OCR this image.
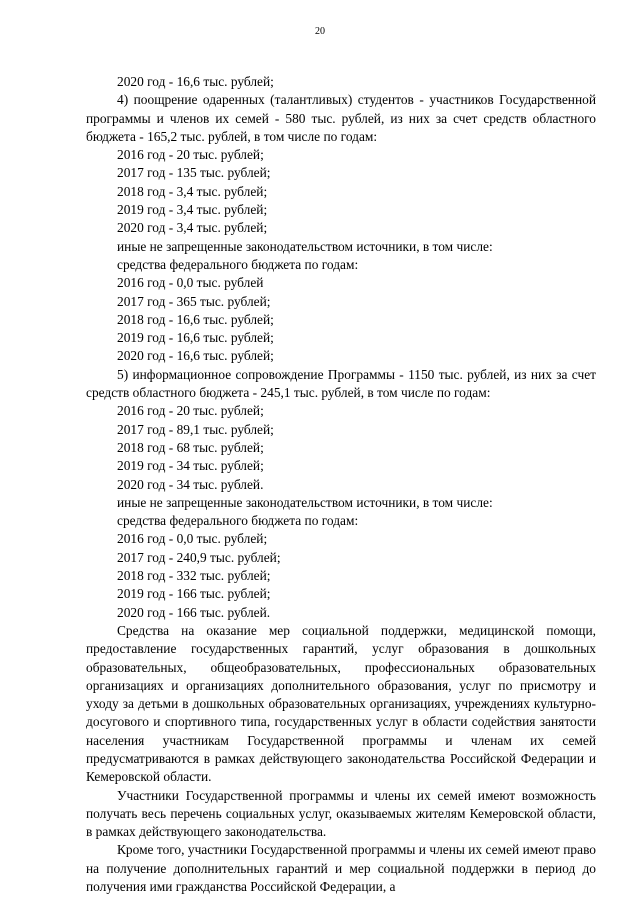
20

2020 год - 16,6 тыс. рублей;

4) поощрение одаренных (талантливых) студентов - участников Государственной программы и членов их семей - 580 тыс. рублей, из них за счет средств областного бюджета - 165,2 тыс. рублей, в том числе по годам:

2016 год - 20 тыс. рублей;

2017 год - 135 тыс. рублей;

2018 год - 3,4 тыс. рублей;

2019 год - 3,4 тыс. рублей;

2020 год - 3,4 тыс. рублей;

иные не запрещенные законодательством источники, в том числе:

средства федерального бюджета по годам:

2016 год - 0,0 тыс. рублей

2017 год - 365 тыс. рублей;

2018 год - 16,6 тыс. рублей;

2019 год - 16,6 тыс. рублей;

2020 год - 16,6 тыс. рублей;

5) информационное сопровождение Программы - 1150 тыс. рублей, из них за счет средств областного бюджета - 245,1 тыс. рублей, в том числе по годам:

2016 год - 20 тыс. рублей;

2017 год - 89,1 тыс. рублей;

2018 год - 68 тыс. рублей;

2019 год - 34 тыс. рублей;

2020 год - 34 тыс. рублей.

иные не запрещенные законодательством источники, в том числе:

средства федерального бюджета по годам:

2016 год - 0,0 тыс. рублей;

2017 год - 240,9 тыс. рублей;

2018 год - 332 тыс. рублей;

2019 год - 166 тыс. рублей;

2020 год - 166 тыс. рублей.

Средства на оказание мер социальной поддержки, медицинской помощи, предоставление государственных гарантий, услуг образования в дошкольных образовательных, общеобразовательных, профессиональных образовательных организациях и организациях дополнительного образования, услуг по присмотру и уходу за детьми в дошкольных образовательных организациях, учреждениях культурно-досугового и спортивного типа, государственных услуг в области содействия занятости населения участникам Государственной программы и членам их семей предусматриваются в рамках действующего законодательства Российской Федерации и Кемеровской области.

Участники Государственной программы и члены их семей имеют возможность получать весь перечень социальных услуг, оказываемых жителям Кемеровской области, в рамках действующего законодательства.

Кроме того, участники Государственной программы и члены их семей имеют право на получение дополнительных гарантий и мер социальной поддержки в период до получения ими гражданства Российской Федерации, а
